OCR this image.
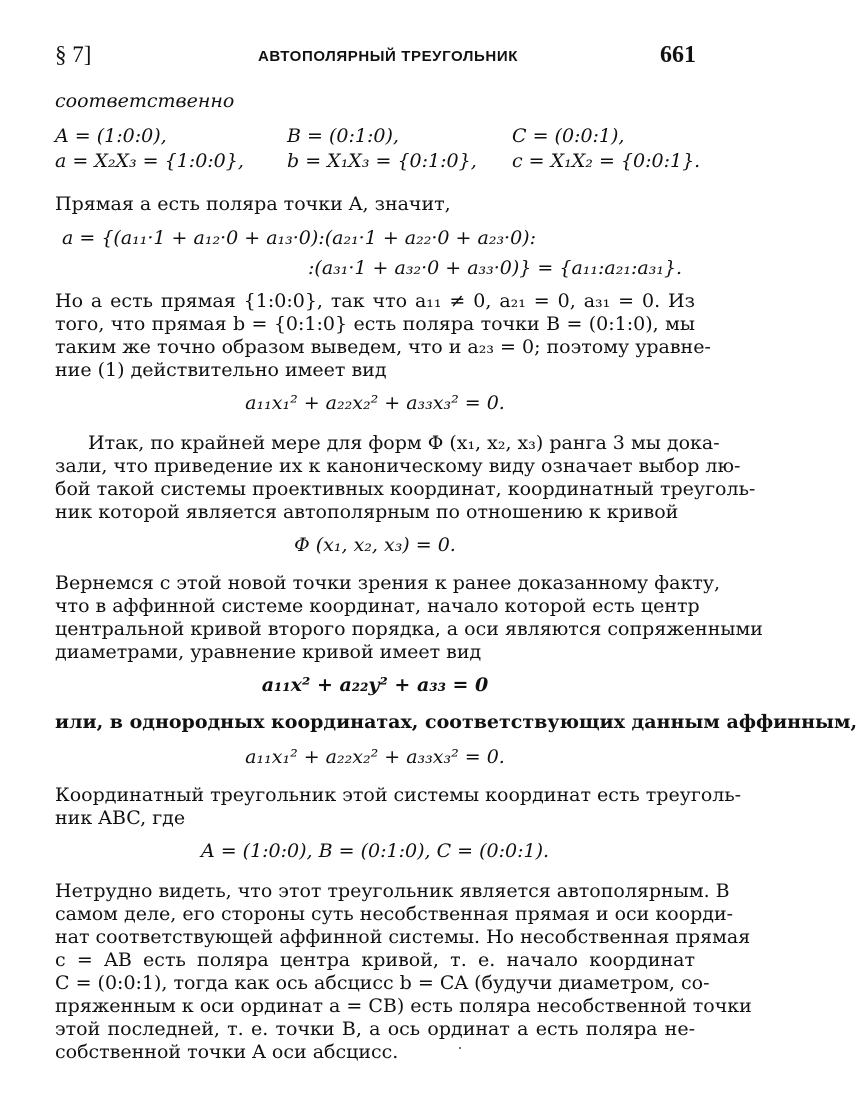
§ 7]	АВТОПОЛЯРНЫЙ ТРЕУГОЛЬНИК	661
соответственно
A = (1:0:0),	B = (0:1:0),	C = (0:0:1),
a = X₂X₃ = {1:0:0}, b = X₁X₃ = {0:1:0}, c = X₁X₂ = {0:0:1}.
Прямая a есть поляра точки A, значит,
a = {(a₁₁·1 + a₁₂·0 + a₁₃·0):(a₂₁·1 + a₂₂·0 + a₂₃·0):
:(a₃₁·1 + a₃₂·0 + a₃₃·0)} = {a₁₁:a₂₁:a₃₁}.
Но a есть прямая {1:0:0}, так что a₁₁ ≠ 0, a₂₁ = 0, a₃₁ = 0. Из
того, что прямая b = {0:1:0} есть поляра точки B = (0:1:0), мы
таким же точно образом выведем, что и a₂₃ = 0; поэтому уравне-
ние (1) действительно имеет вид
a₁₁x₁² + a₂₂x₂² + a₃₃x₃² = 0.
Итак, по крайней мере для форм Φ (x₁, x₂, x₃) ранга 3 мы дока-
зали, что приведение их к каноническому виду означает выбор лю-
бой такой системы проективных координат, координатный треуголь-
ник которой является автополярным по отношению к кривой
Φ (x₁, x₂, x₃) = 0.
Вернемся с этой новой точки зрения к ранее доказанному факту,
что в аффинной системе координат, начало которой есть центр
центральной кривой второго порядка, а оси являются сопряженными
диаметрами, уравнение кривой имеет вид
a₁₁x² + a₂₂y² + a₃₃ = 0
или, в однородных координатах, соответствующих данным аффинным,
a₁₁x₁² + a₂₂x₂² + a₃₃x₃² = 0.
Координатный треугольник этой системы координат есть треуголь-
ник ABC, где
A = (1:0:0), B = (0:1:0), C = (0:0:1).
Нетрудно видеть, что этот треугольник является автополярным. В
самом деле, его стороны суть несобственная прямая и оси коорди-
нат соответствующей аффинной системы. Но несобственная прямая
c = AB есть поляра центра кривой, т. е. начало координат
C = (0:0:1), тогда как ось абсцисс b = CA (будучи диаметром, со-
пряженным к оси ординат a = CB) есть поляра несобственной точки
этой последней, т. е. точки B, а ось ординат a есть поляра не-
собственной точки A оси абсцисс.
